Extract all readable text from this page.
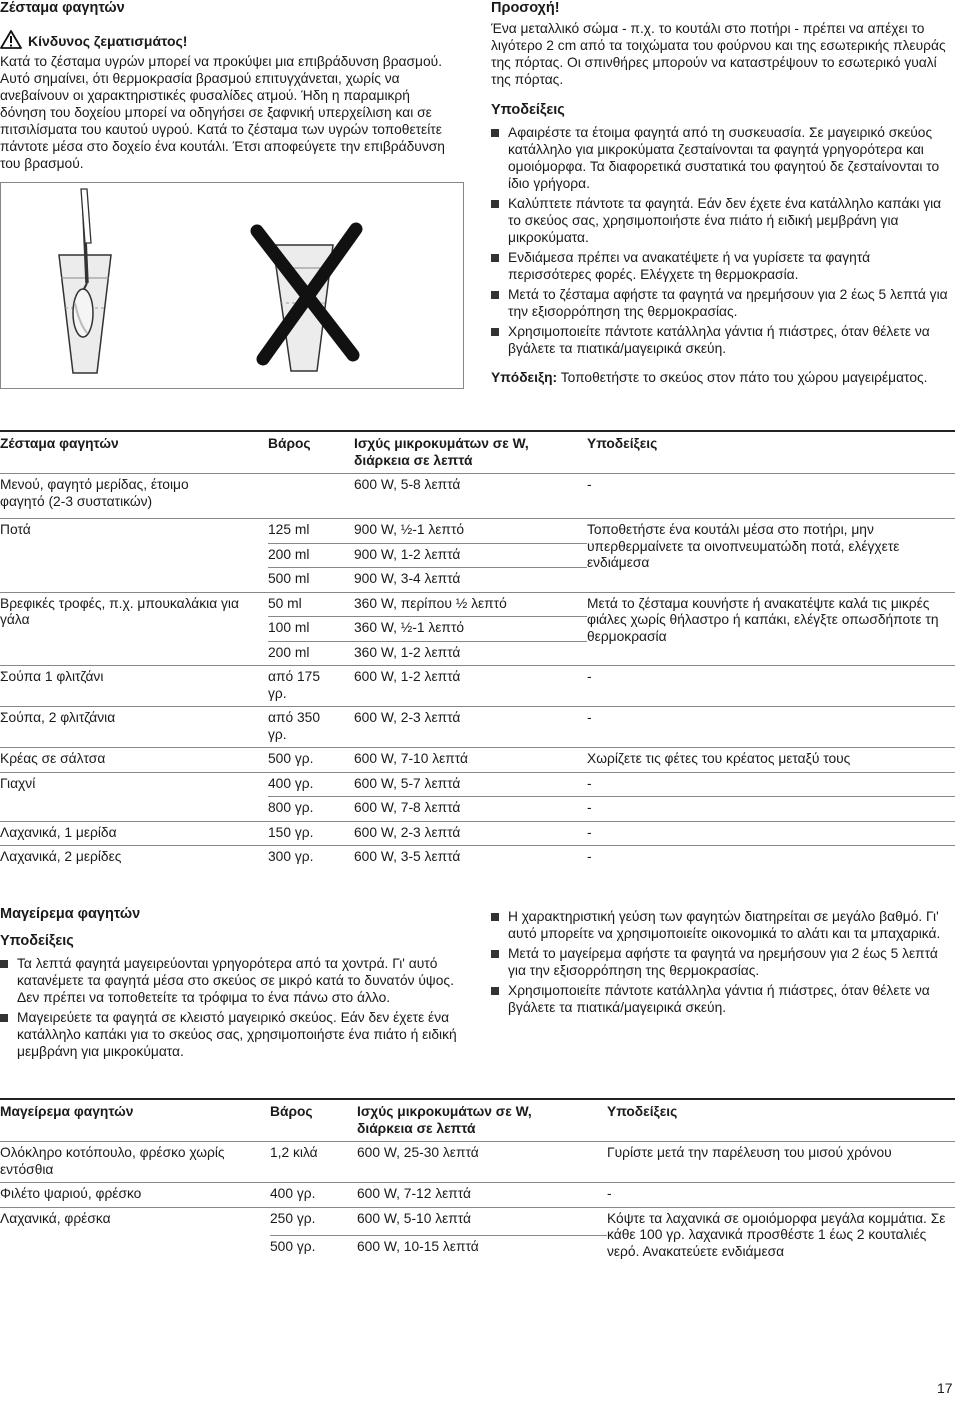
Ζέσταμα φαγητών
Κίνδυνος ζεματισμάτος!
Κατά το ζέσταμα υγρών μπορεί να προκύψει μια επιβράδυνση βρασμού. Αυτό σημαίνει, ότι θερμοκρασία βρασμού επιτυγχάνεται, χωρίς να ανεβαίνουν οι χαρακτηριστικές φυσαλίδες ατμού. Ήδη η παραμικρή δόνηση του δοχείου μπορεί να οδηγήσει σε ξαφνική υπερχείλιση και σε πιτσιλίσματα του καυτού υγρού. Κατά το ζέσταμα των υγρών τοποθετείτε πάντοτε μέσα στο δοχείο ένα κουτάλι. Έτσι αποφεύγετε την επιβράδυνση του βρασμού.
Προσοχή!
Ένα μεταλλικό σώμα - π.χ. το κουτάλι στο ποτήρι - πρέπει να απέχει το λιγότερο 2 cm από τα τοιχώματα του φούρνου και της εσωτερικής πλευράς της πόρτας. Οι σπινθήρες μπορούν να καταστρέψουν το εσωτερικό γυαλί της πόρτας.
Υποδείξεις
Αφαιρέστε τα έτοιμα φαγητά από τη συσκευασία. Σε μαγειρικό σκεύος κατάλληλο για μικροκύματα ζεσταίνονται τα φαγητά γρηγορότερα και ομοιόμορφα. Τα διαφορετικά συστατικά του φαγητού δε ζεσταίνονται το ίδιο γρήγορα.
Καλύπτετε πάντοτε τα φαγητά. Εάν δεν έχετε ένα κατάλληλο καπάκι για το σκεύος σας, χρησιμοποιήστε ένα πιάτο ή ειδική μεμβράνη για μικροκύματα.
Ενδιάμεσα πρέπει να ανακατέψετε ή να γυρίσετε τα φαγητά περισσότερες φορές. Ελέγχετε τη θερμοκρασία.
Μετά το ζέσταμα αφήστε τα φαγητά να ηρεμήσουν για 2 έως 5 λεπτά για την εξισορρόπηση της θερμοκρασίας.
Χρησιμοποιείτε πάντοτε κατάλληλα γάντια ή πιάστρες, όταν θέλετε να βγάλετε τα πιατικά/μαγειρικά σκεύη.
Υπόδειξη: Τοποθετήστε το σκεύος στον πάτο του χώρου μαγειρέματος.
Ζέσταμα φαγητών	Βάρος	Ισχύς μικροκυμάτων σε W, διάρκεια σε λεπτά	Υποδείξεις
Μενού, φαγητό μερίδας, έτοιμο φαγητό (2-3 συστατικών)		600 W, 5-8 λεπτά	-
Ποτά	125 ml	900 W, ½-1 λεπτό	Τοποθετήστε ένα κουτάλι μέσα στο ποτήρι, μην υπερθερμαίνετε τα οινοπνευματώδη ποτά, ελέγχετε ενδιάμεσα
	200 ml	900 W, 1-2 λεπτά	
	500 ml	900 W, 3-4 λεπτά	
Βρεφικές τροφές, π.χ. μπουκαλάκια για γάλα	50 ml	360 W, περίπου ½ λεπτό	Μετά το ζέσταμα κουνήστε ή ανακατέψτε καλά τις μικρές φιάλες χωρίς θήλαστρο ή καπάκι, ελέγξτε οπωσδήποτε τη θερμοκρασία
	100 ml	360 W, ½-1 λεπτό	
	200 ml	360 W, 1-2 λεπτά	
Σούπα 1 φλιτζάνι	από 175 γρ.	600 W, 1-2 λεπτά	-
Σούπα, 2 φλιτζάνια	από 350 γρ.	600 W, 2-3 λεπτά	-
Κρέας σε σάλτσα	500 γρ.	600 W, 7-10 λεπτά	Χωρίζετε τις φέτες του κρέατος μεταξύ τους
Γιαχνί	400 γρ.	600 W, 5-7 λεπτά	-
	800 γρ.	600 W, 7-8 λεπτά	-
Λαχανικά, 1 μερίδα	150 γρ.	600 W, 2-3 λεπτά	-
Λαχανικά, 2 μερίδες	300 γρ.	600 W, 3-5 λεπτά	-
Μαγείρεμα φαγητών
Υποδείξεις
Τα λεπτά φαγητά μαγειρεύονται γρηγορότερα από τα χοντρά. Γι' αυτό κατανέμετε τα φαγητά μέσα στο σκεύος σε μικρό κατά το δυνατόν ύψος. Δεν πρέπει να τοποθετείτε τα τρόφιμα το ένα πάνω στο άλλο.
Μαγειρεύετε τα φαγητά σε κλειστό μαγειρικό σκεύος. Εάν δεν έχετε ένα κατάλληλο καπάκι για το σκεύος σας, χρησιμοποιήστε ένα πιάτο ή ειδική μεμβράνη για μικροκύματα.
Η χαρακτηριστική γεύση των φαγητών διατηρείται σε μεγάλο βαθμό. Γι' αυτό μπορείτε να χρησιμοποιείτε οικονομικά το αλάτι και τα μπαχαρικά.
Μετά το μαγείρεμα αφήστε τα φαγητά να ηρεμήσουν για 2 έως 5 λεπτά για την εξισορρόπηση της θερμοκρασίας.
Χρησιμοποιείτε πάντοτε κατάλληλα γάντια ή πιάστρες, όταν θέλετε να βγάλετε τα πιατικά/μαγειρικά σκεύη.
Μαγείρεμα φαγητών	Βάρος	Ισχύς μικροκυμάτων σε W, διάρκεια σε λεπτά	Υποδείξεις
Ολόκληρο κοτόπουλο, φρέσκο χωρίς εντόσθια	1,2 κιλά	600 W, 25-30 λεπτά	Γυρίστε μετά την παρέλευση του μισού χρόνου
Φιλέτο ψαριού, φρέσκο	400 γρ.	600 W, 7-12 λεπτά	-
Λαχανικά, φρέσκα	250 γρ.	600 W, 5-10 λεπτά	Κόψτε τα λαχανικά σε ομοιόμορφα μεγάλα κομμάτια. Σε κάθε 100 γρ. λαχανικά προσθέστε 1 έως 2 κουταλιές νερό. Ανακατεύετε ενδιάμεσα
	500 γρ.	600 W, 10-15 λεπτά	
17
